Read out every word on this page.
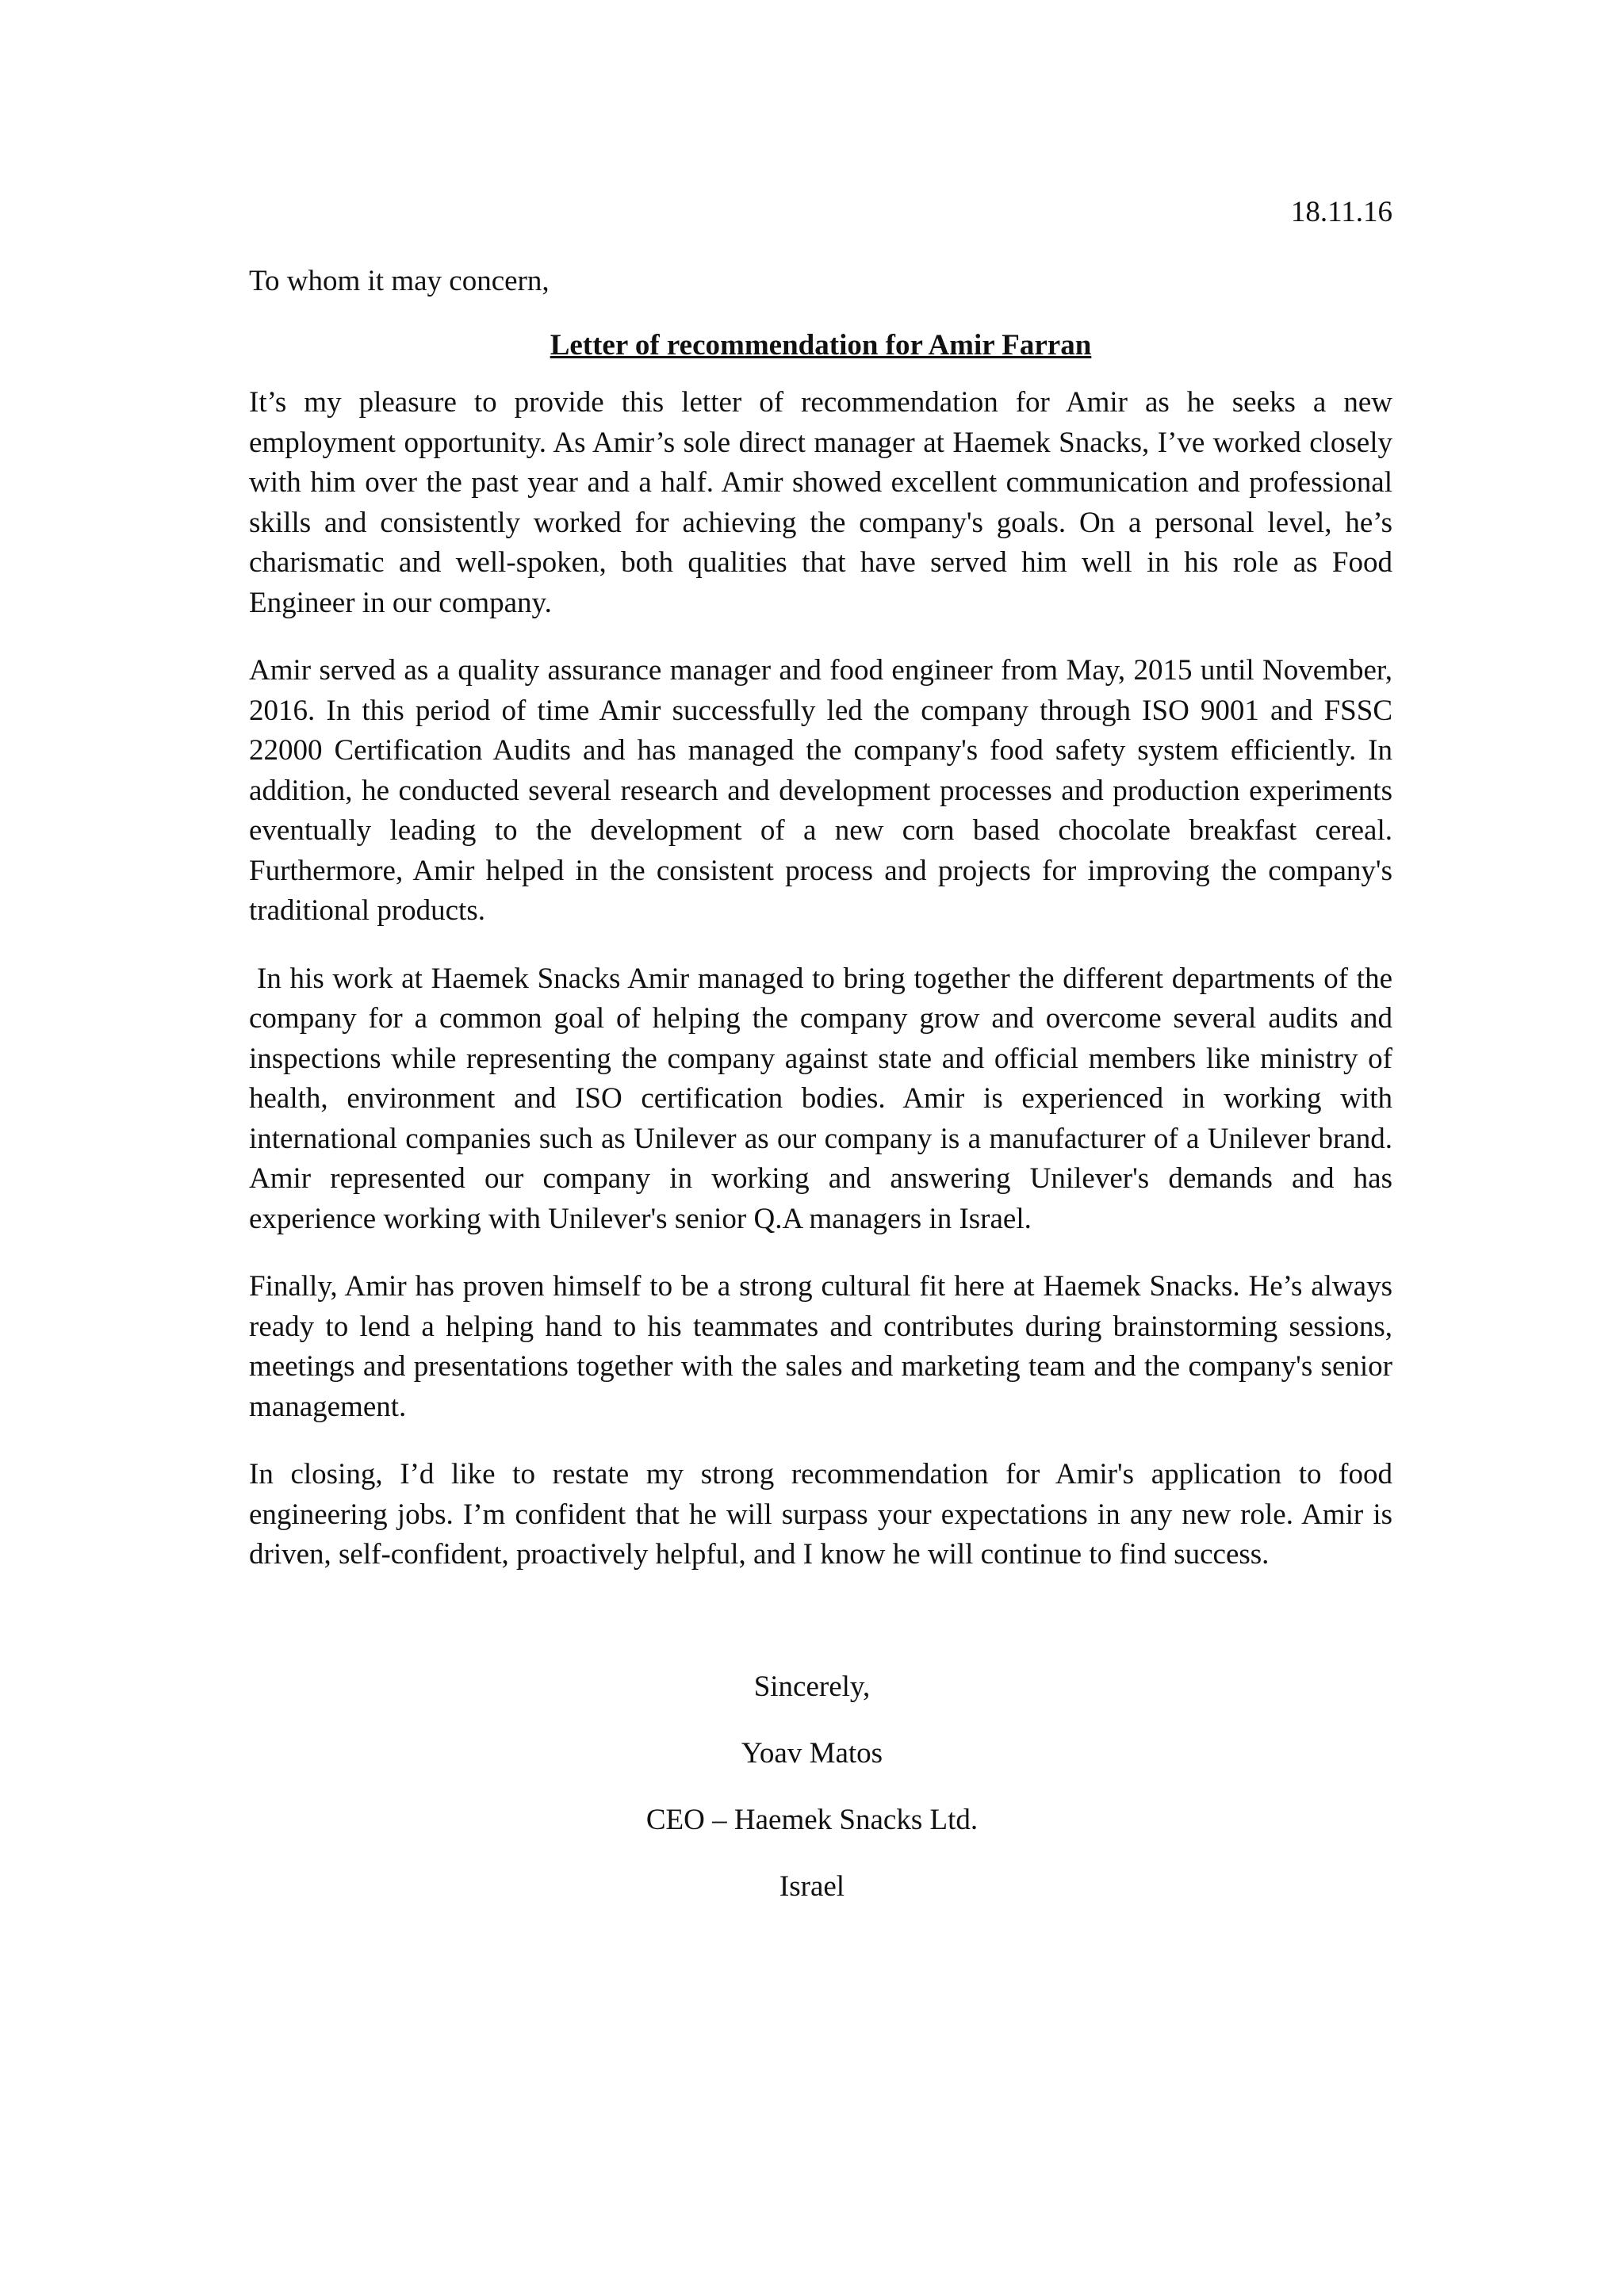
18.11.16
To whom it may concern,
Letter of recommendation for Amir Farran

It’s my pleasure to provide this letter of recommendation for Amir as he seeks a new employment opportunity. As Amir’s sole direct manager at Haemek Snacks, I’ve worked closely with him over the past year and a half. Amir showed excellent communication and professional skills and consistently worked for achieving the company's goals. On a personal level, he’s charismatic and well-spoken, both qualities that have served him well in his role as Food Engineer in our company.

Amir served as a quality assurance manager and food engineer from May, 2015 until November, 2016. In this period of time Amir successfully led the company through ISO 9001 and FSSC 22000 Certification Audits and has managed the company's food safety system efficiently. In addition, he conducted several research and development processes and production experiments eventually leading to the development of a new corn based chocolate breakfast cereal. Furthermore, Amir helped in the consistent process and projects for improving the company's traditional products.

In his work at Haemek Snacks Amir managed to bring together the different departments of the company for a common goal of helping the company grow and overcome several audits and inspections while representing the company against state and official members like ministry of health, environment and ISO certification bodies. Amir is experienced in working with international companies such as Unilever as our company is a manufacturer of a Unilever brand. Amir represented our company in working and answering Unilever's demands and has experience working with Unilever's senior Q.A managers in Israel.

Finally, Amir has proven himself to be a strong cultural fit here at Haemek Snacks. He’s always ready to lend a helping hand to his teammates and contributes during brainstorming sessions, meetings and presentations together with the sales and marketing team and the company's senior management.

In closing, I’d like to restate my strong recommendation for Amir's application to food engineering jobs. I’m confident that he will surpass your expectations in any new role. Amir is driven, self-confident, proactively helpful, and I know he will continue to find success.

Sincerely,
Yoav Matos
CEO – Haemek Snacks Ltd.
Israel
